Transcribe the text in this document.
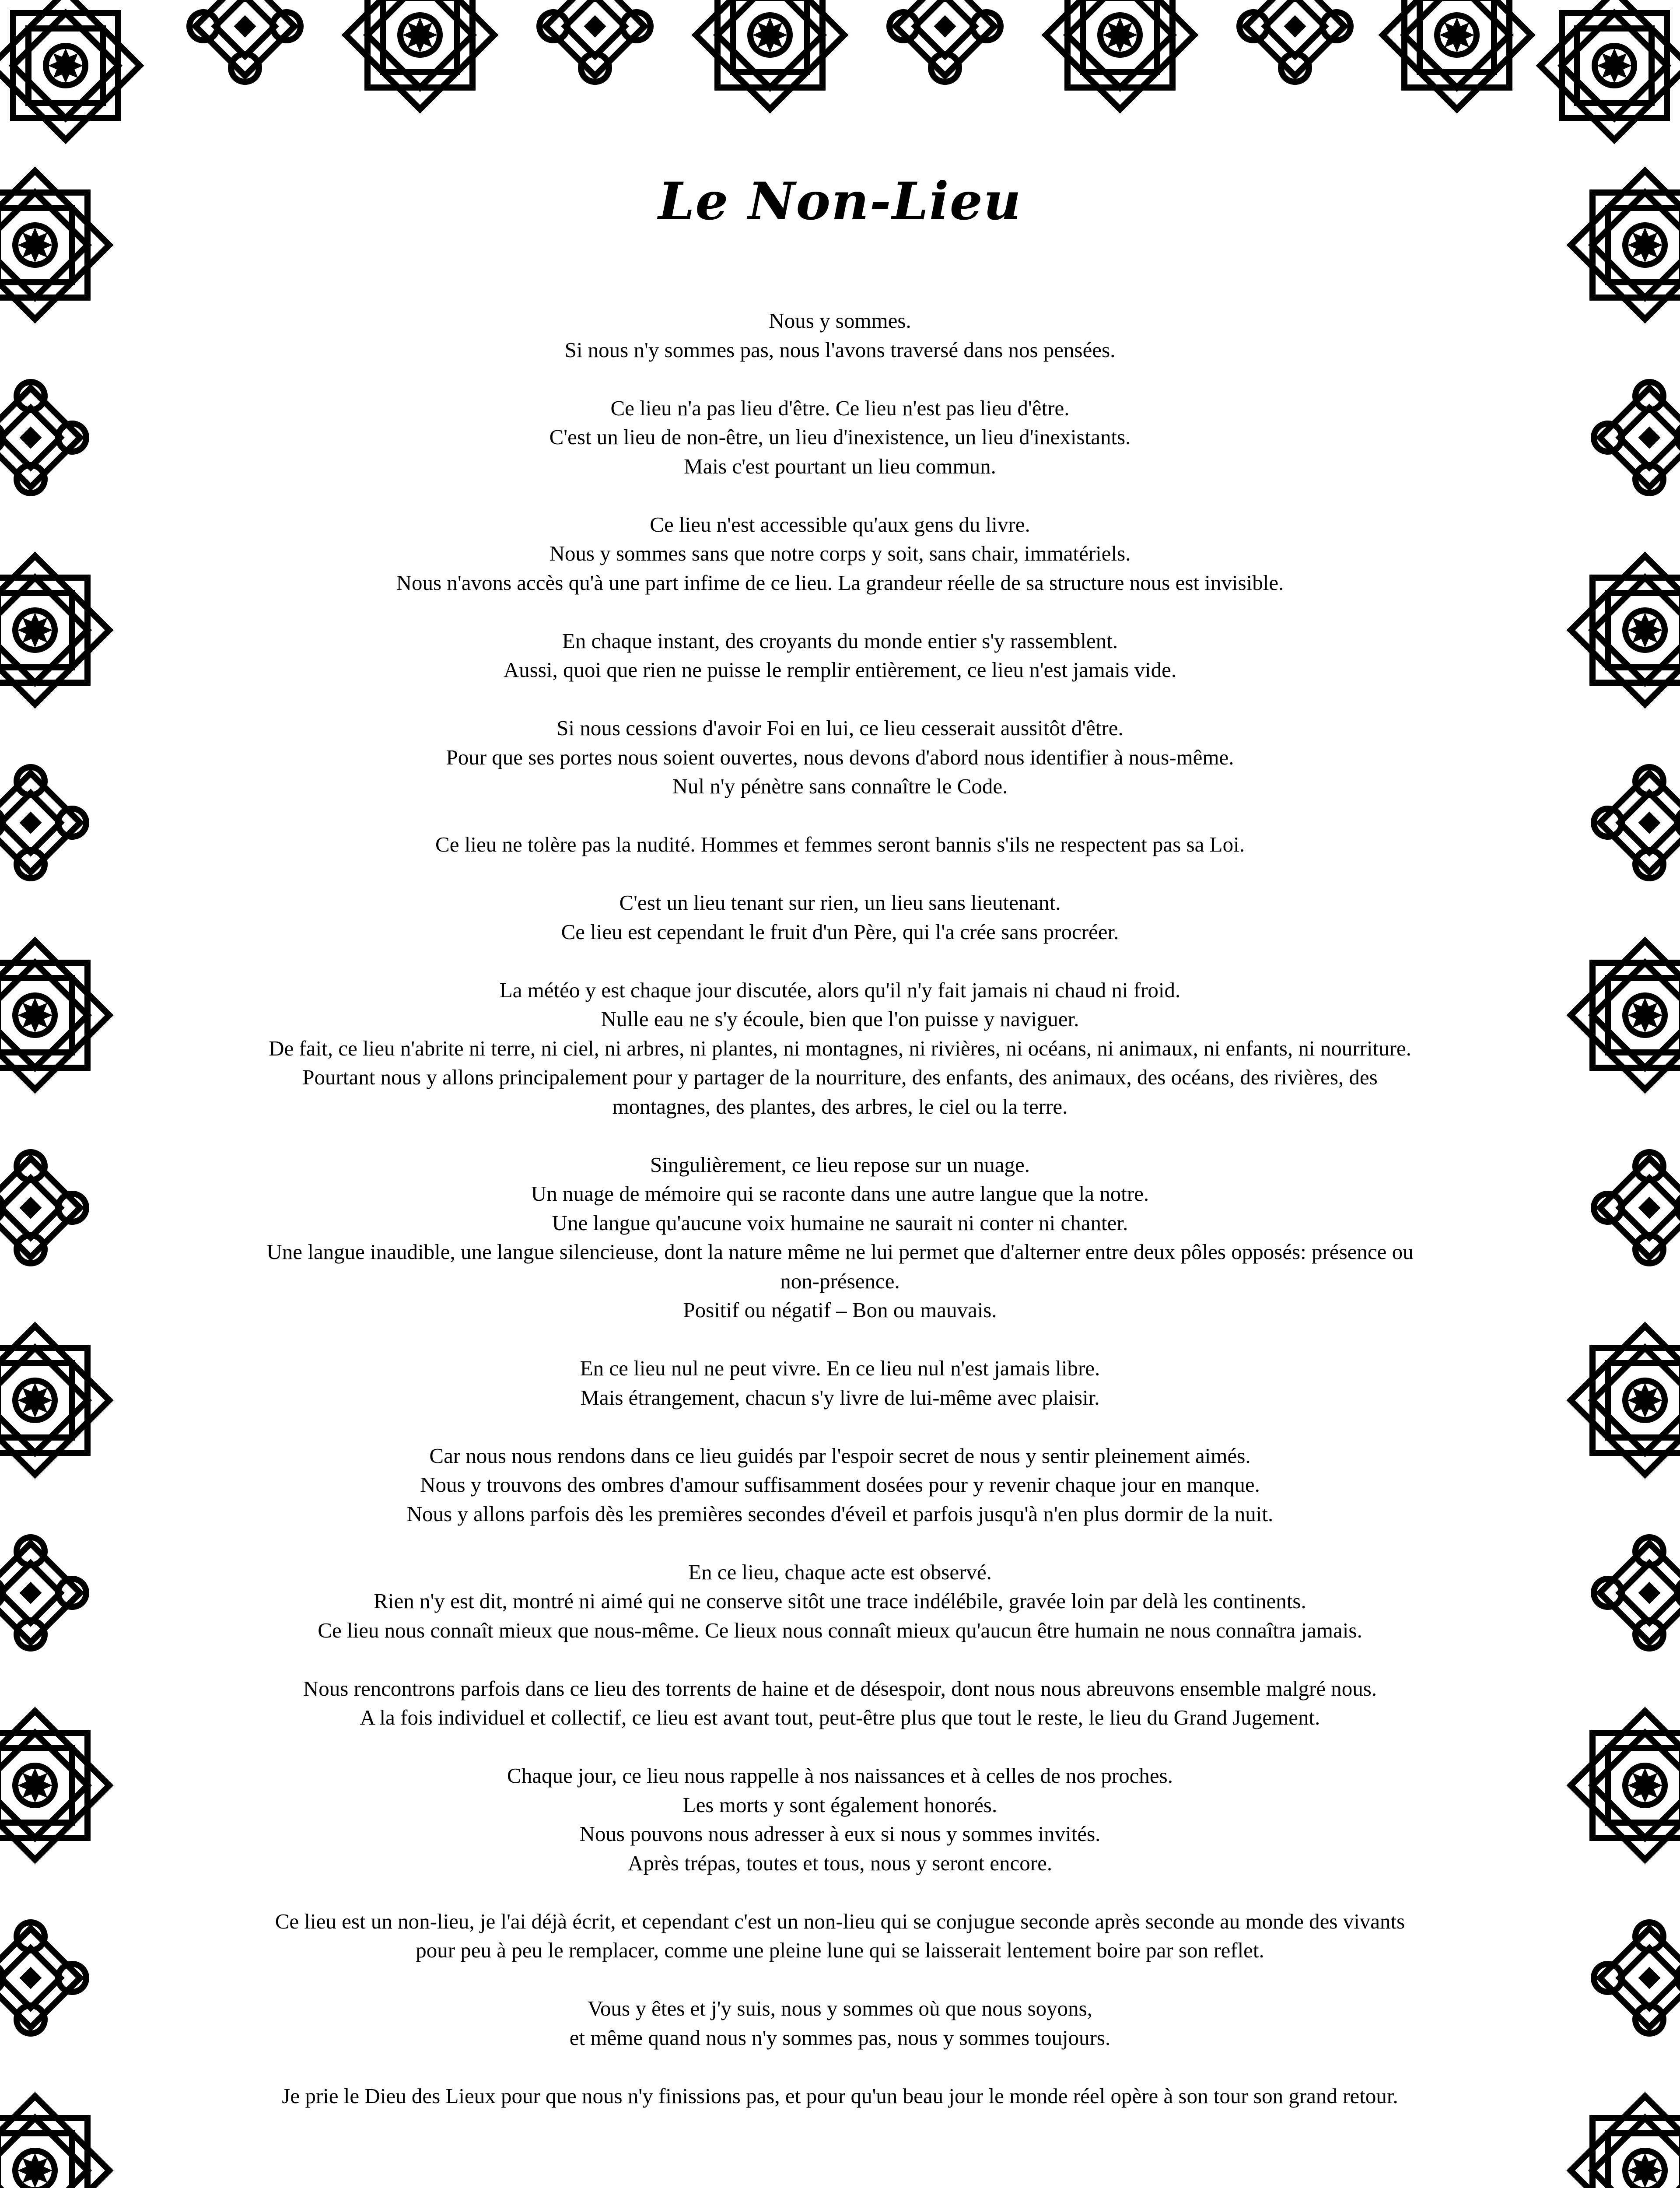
Le Non-Lieu

Nous y sommes.
Si nous n'y sommes pas, nous l'avons traversé dans nos pensées.

Ce lieu n'a pas lieu d'être. Ce lieu n'est pas lieu d'être.
C'est un lieu de non-être, un lieu d'inexistence, un lieu d'inexistants.
Mais c'est pourtant un lieu commun.

Ce lieu n'est accessible qu'aux gens du livre.
Nous y sommes sans que notre corps y soit, sans chair, immatériels.
Nous n'avons accès qu'à une part infime de ce lieu. La grandeur réelle de sa structure nous est invisible.

En chaque instant, des croyants du monde entier s'y rassemblent.
Aussi, quoi que rien ne puisse le remplir entièrement, ce lieu n'est jamais vide.

Si nous cessions d'avoir Foi en lui, ce lieu cesserait aussitôt d'être.
Pour que ses portes nous soient ouvertes, nous devons d'abord nous identifier à nous-même.
Nul n'y pénètre sans connaître le Code.

Ce lieu ne tolère pas la nudité. Hommes et femmes seront bannis s'ils ne respectent pas sa Loi.

C'est un lieu tenant sur rien, un lieu sans lieutenant.
Ce lieu est cependant le fruit d'un Père, qui l'a crée sans procréer.

La météo y est chaque jour discutée, alors qu'il n'y fait jamais ni chaud ni froid.
Nulle eau ne s'y écoule, bien que l'on puisse y naviguer.
De fait, ce lieu n'abrite ni terre, ni ciel, ni arbres, ni plantes, ni montagnes, ni rivières, ni océans, ni animaux, ni enfants, ni nourriture.
Pourtant nous y allons principalement pour y partager de la nourriture, des enfants, des animaux, des océans, des rivières, des
montagnes, des plantes, des arbres, le ciel ou la terre.

Singulièrement, ce lieu repose sur un nuage.
Un nuage de mémoire qui se raconte dans une autre langue que la notre.
Une langue qu'aucune voix humaine ne saurait ni conter ni chanter.
Une langue inaudible, une langue silencieuse, dont la nature même ne lui permet que d'alterner entre deux pôles opposés: présence ou
non-présence.
Positif ou négatif – Bon ou mauvais.

En ce lieu nul ne peut vivre. En ce lieu nul n'est jamais libre.
Mais étrangement, chacun s'y livre de lui-même avec plaisir.

Car nous nous rendons dans ce lieu guidés par l'espoir secret de nous y sentir pleinement aimés.
Nous y trouvons des ombres d'amour suffisamment dosées pour y revenir chaque jour en manque.
Nous y allons parfois dès les premières secondes d'éveil et parfois jusqu'à n'en plus dormir de la nuit.

En ce lieu, chaque acte est observé.
Rien n'y est dit, montré ni aimé qui ne conserve sitôt une trace indélébile, gravée loin par delà les continents.
Ce lieu nous connaît mieux que nous-même. Ce lieux nous connaît mieux qu'aucun être humain ne nous connaîtra jamais.

Nous rencontrons parfois dans ce lieu des torrents de haine et de désespoir, dont nous nous abreuvons ensemble malgré nous.
A la fois individuel et collectif, ce lieu est avant tout, peut-être plus que tout le reste, le lieu du Grand Jugement.

Chaque jour, ce lieu nous rappelle à nos naissances et à celles de nos proches.
Les morts y sont également honorés.
Nous pouvons nous adresser à eux si nous y sommes invités.
Après trépas, toutes et tous, nous y seront encore.

Ce lieu est un non-lieu, je l'ai déjà écrit, et cependant c'est un non-lieu qui se conjugue seconde après seconde au monde des vivants
pour peu à peu le remplacer, comme une pleine lune qui se laisserait lentement boire par son reflet.

Vous y êtes et j'y suis, nous y sommes où que nous soyons,
et même quand nous n'y sommes pas, nous y sommes toujours.

Je prie le Dieu des Lieux pour que nous n'y finissions pas, et pour qu'un beau jour le monde réel opère à son tour son grand retour.
